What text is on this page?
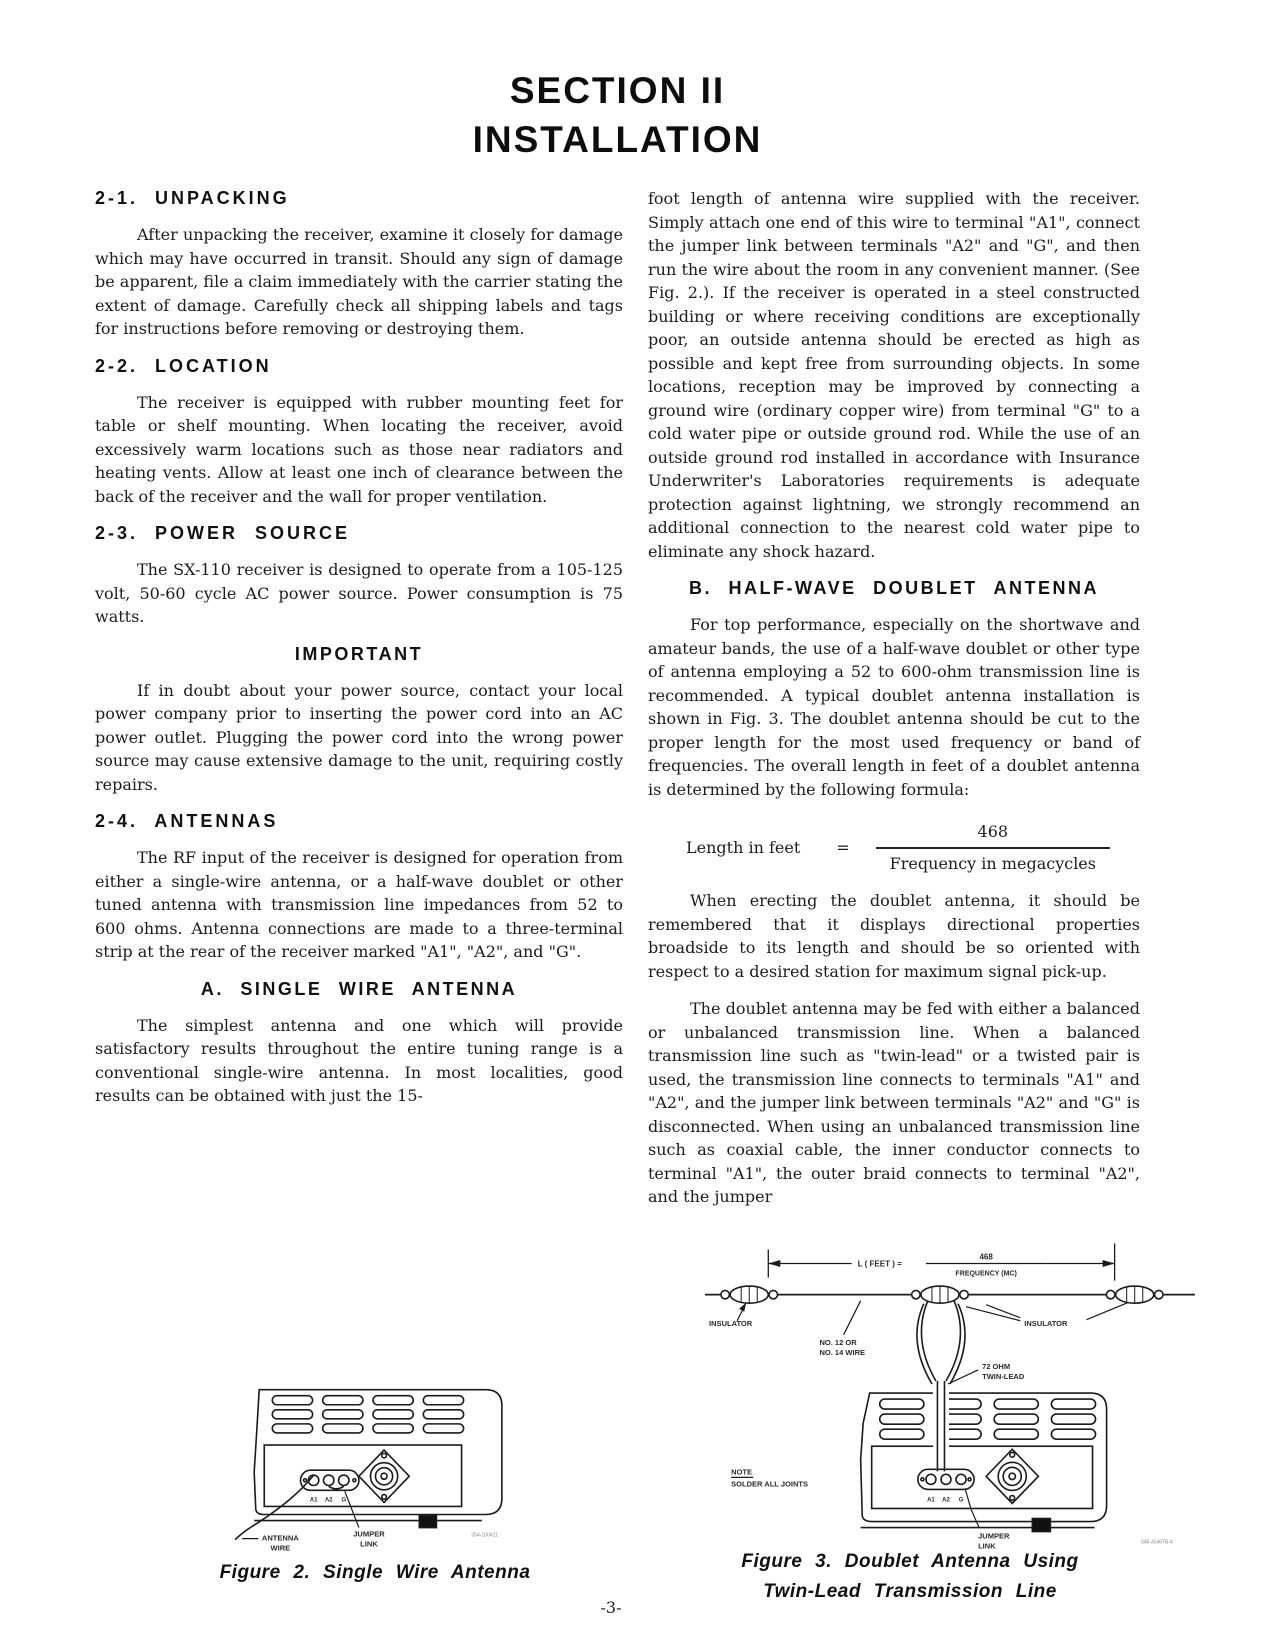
SECTION II
INSTALLATION
2-1. UNPACKING

After unpacking the receiver, examine it closely for damage which may have occurred in transit. Should any sign of damage be apparent, file a claim immediately with the carrier stating the extent of damage. Carefully check all shipping labels and tags for instructions before removing or destroying them.

2-2. LOCATION

The receiver is equipped with rubber mounting feet for table or shelf mounting. When locating the receiver, avoid excessively warm locations such as those near radiators and heating vents. Allow at least one inch of clearance between the back of the receiver and the wall for proper ventilation.

2-3. POWER SOURCE

The SX-110 receiver is designed to operate from a 105-125 volt, 50-60 cycle AC power source. Power consumption is 75 watts.

IMPORTANT

If in doubt about your power source, contact your local power company prior to inserting the power cord into an AC power outlet. Plugging the power cord into the wrong power source may cause extensive damage to the unit, requiring costly repairs.

2-4. ANTENNAS

The RF input of the receiver is designed for operation from either a single-wire antenna, or a half-wave doublet or other tuned antenna with transmission line impedances from 52 to 600 ohms. Antenna connections are made to a three-terminal strip at the rear of the receiver marked "A1", "A2", and "G".

A. SINGLE WIRE ANTENNA

The simplest antenna and one which will provide satisfactory results throughout the entire tuning range is a conventional single-wire antenna. In most localities, good results can be obtained with just the 15-

foot length of antenna wire supplied with the receiver. Simply attach one end of this wire to terminal "A1", connect the jumper link between terminals "A2" and "G", and then run the wire about the room in any convenient manner. (See Fig. 2.). If the receiver is operated in a steel constructed building or where receiving conditions are exceptionally poor, an outside antenna should be erected as high as possible and kept free from surrounding objects. In some locations, reception may be improved by connecting a ground wire (ordinary copper wire) from terminal "G" to a cold water pipe or outside ground rod. While the use of an outside ground rod installed in accordance with Insurance Underwriter's Laboratories requirements is adequate protection against lightning, we strongly recommend an additional connection to the nearest cold water pipe to eliminate any shock hazard.

B. HALF-WAVE DOUBLET ANTENNA

For top performance, especially on the shortwave and amateur bands, the use of a half-wave doublet or other type of antenna employing a 52 to 600-ohm transmission line is recommended. A typical doublet antenna installation is shown in Fig. 3. The doublet antenna should be cut to the proper length for the most used frequency or band of frequencies. The overall length in feet of a doublet antenna is determined by the following formula:

Length in feet = $\frac{468}{\text{Frequency in megacycles}}$

When erecting the doublet antenna, it should be remembered that it displays directional properties broadside to its length and should be so oriented with respect to a desired station for maximum signal pick-up.

The doublet antenna may be fed with either a balanced or unbalanced transmission line. When a balanced transmission line such as "twin-lead" or a twisted pair is used, the transmission line connects to terminals "A1" and "A2", and the jumper link between terminals "A2" and "G" is disconnected. When using an unbalanced transmission line such as coaxial cable, the inner conductor connects to terminal "A1", the outer braid connects to terminal "A2", and the jumper

ANTENNA
WIRE
JUMPER
LINK
A1 A2 G
054-100411
L ( FEET ) =
468
FREQUENCY (MC)
INSULATOR	INSULATOR
NO. 12 OR
NO. 14 WIRE
72 OHM
TWIN-LEAD
NOTE
SOLDER ALL JOINTS
JUMPER
LINK
A1 A2 G
048-3046TB-4
Figure 2. Single Wire Antenna
Figure 3. Doublet Antenna Using
Twin-Lead Transmission Line
-3-
